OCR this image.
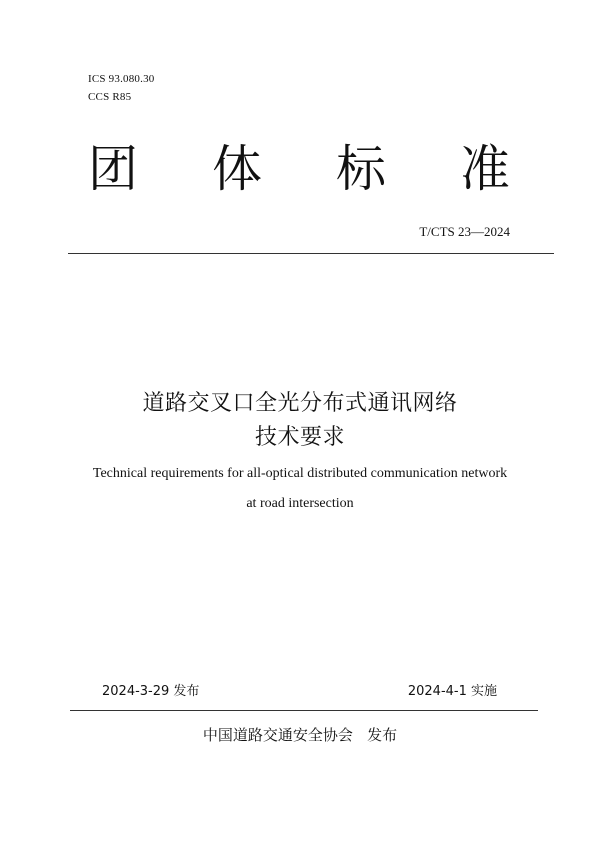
ICS 93.080.30
CCS R85
团 体 标 准
T/CTS 23—2024
道路交叉口全光分布式通讯网络
技术要求
Technical requirements for all-optical distributed communication network
at road intersection
2024-3-29 发布	2024-4-1 实施
中国道路交通安全协会   发布
